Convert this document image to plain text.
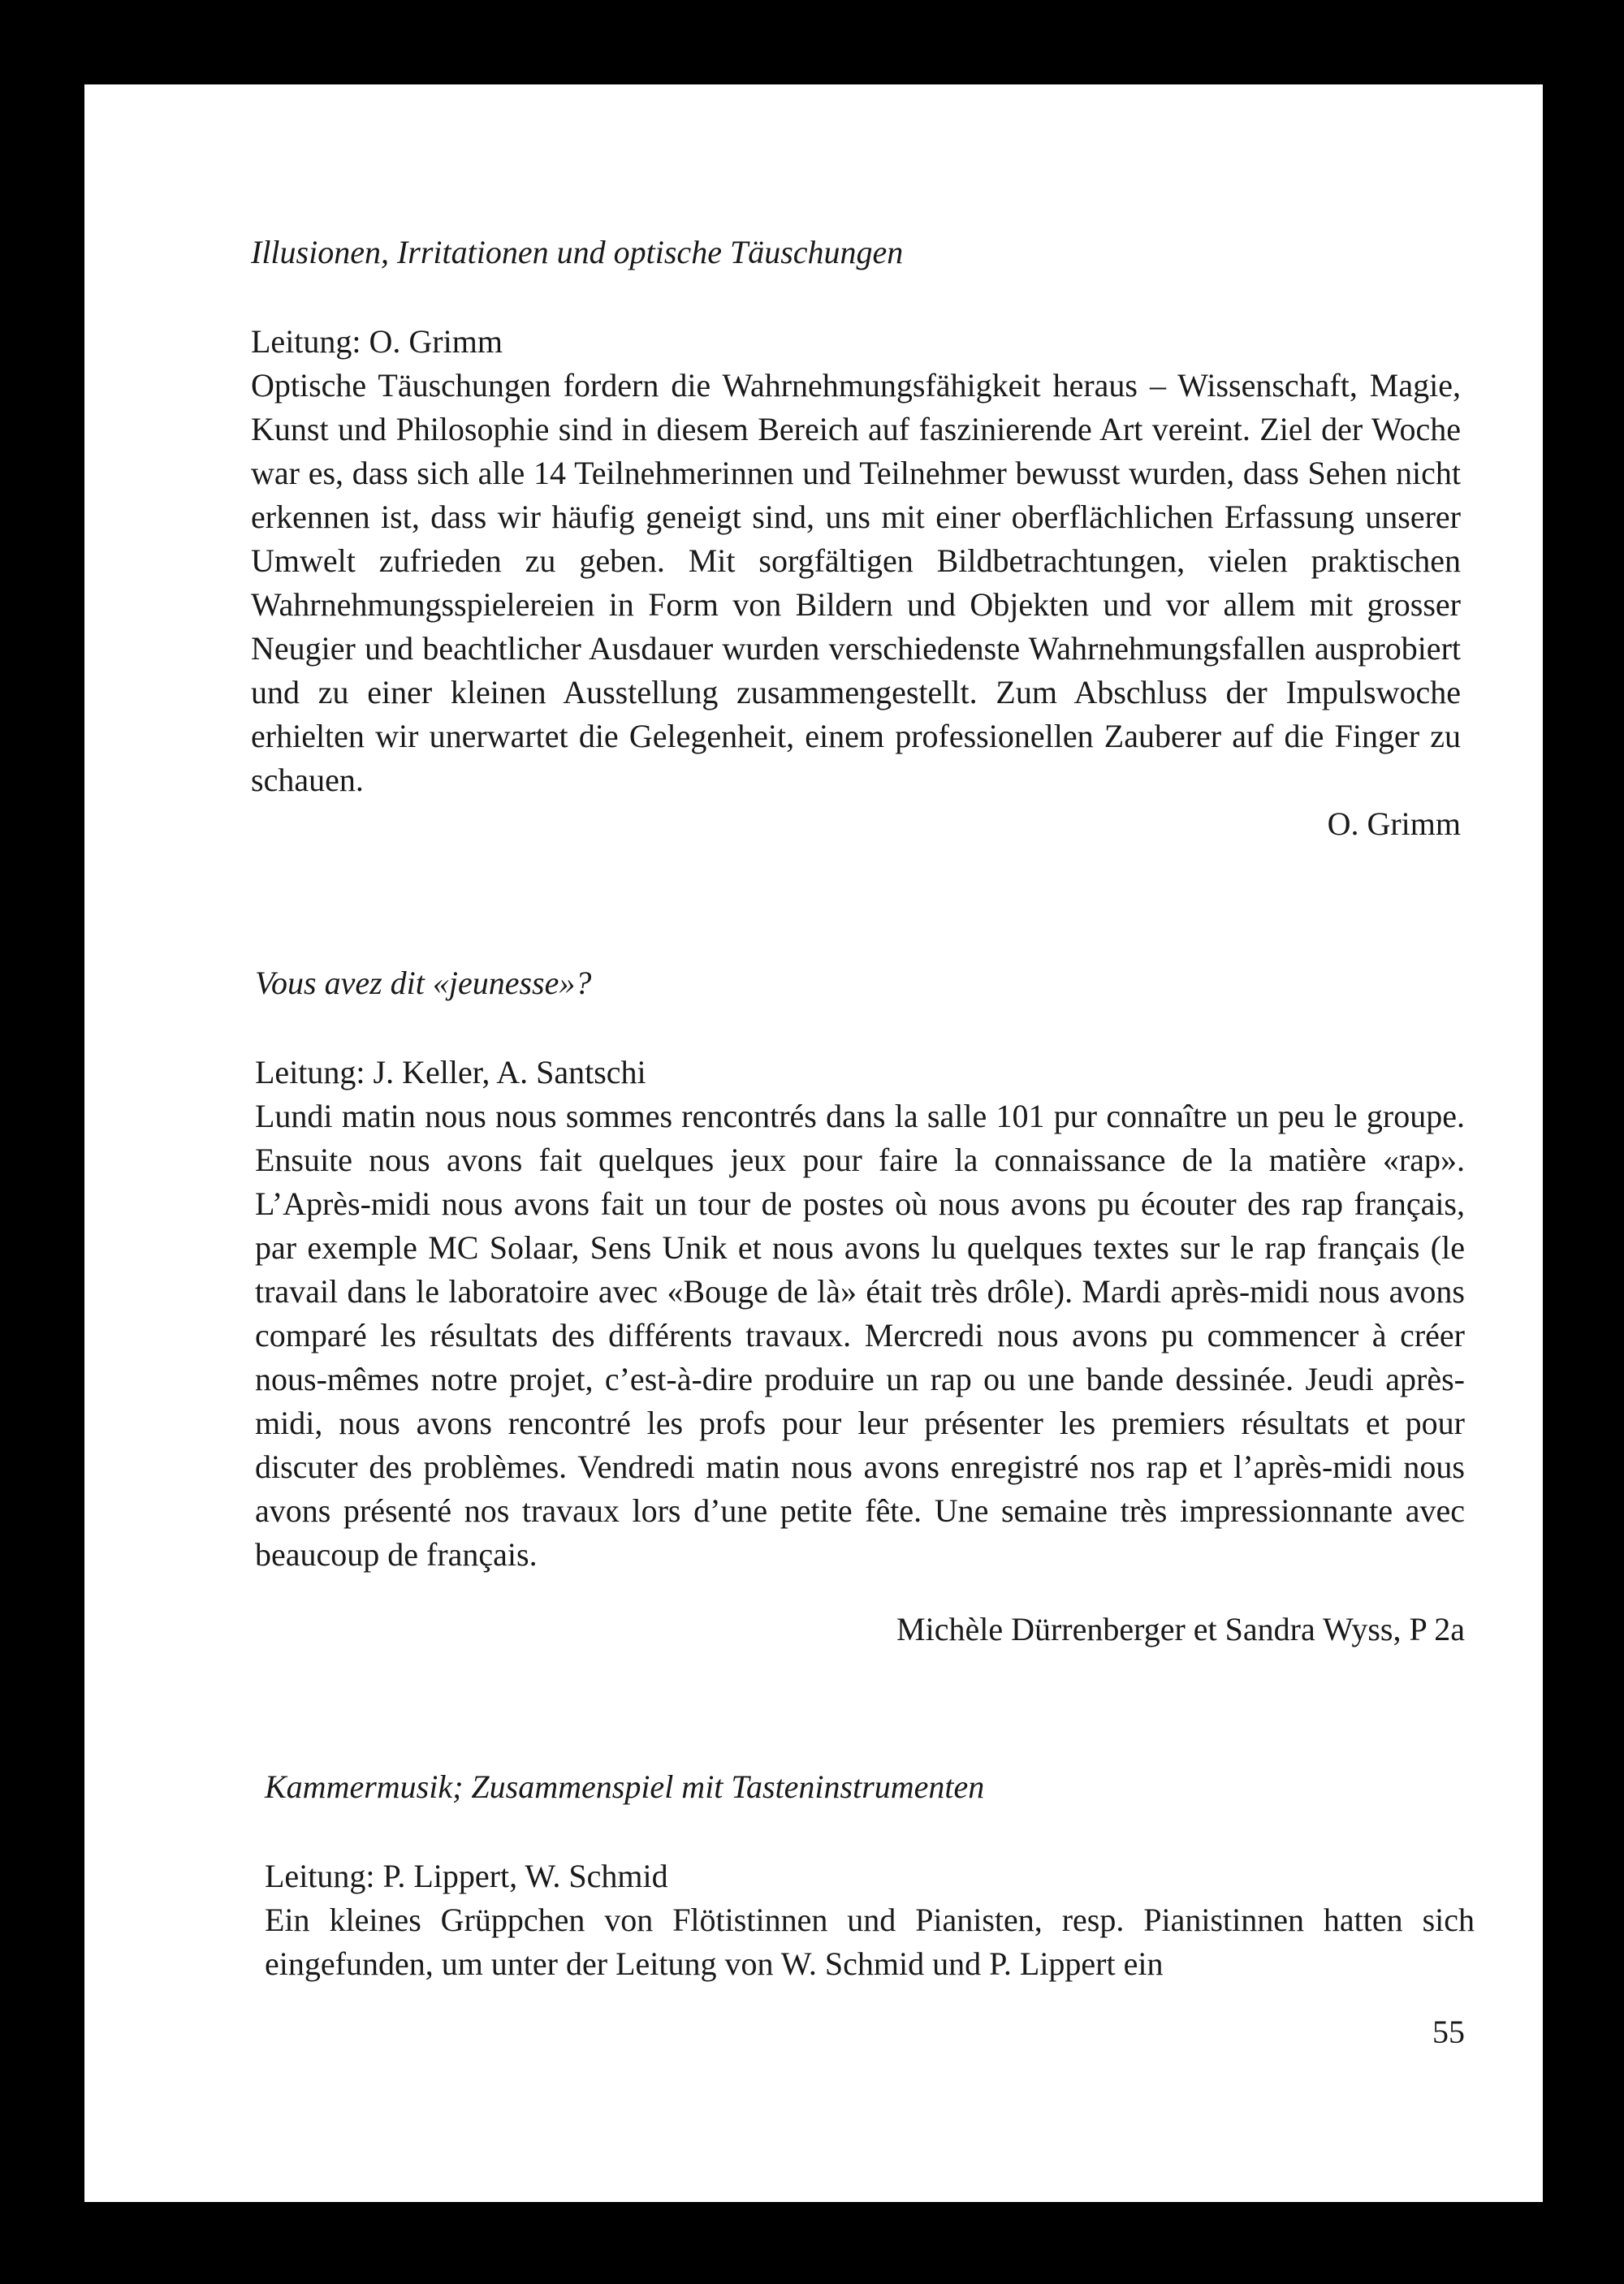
Illusionen, Irritationen und optische Täuschungen

Leitung: O. Grimm

Optische Täuschungen fordern die Wahrnehmungsfähigkeit heraus – Wissenschaft, Magie, Kunst und Philosophie sind in diesem Bereich auf faszinierende Art vereint. Ziel der Woche war es, dass sich alle 14 Teilnehmerinnen und Teilnehmer bewusst wurden, dass Sehen nicht erkennen ist, dass wir häufig geneigt sind, uns mit einer oberflächlichen Erfassung unserer Umwelt zufrieden zu geben. Mit sorgfältigen Bildbetrachtungen, vielen praktischen Wahrnehmungsspielereien in Form von Bildern und Objekten und vor allem mit grosser Neugier und beachtlicher Ausdauer wurden verschiedenste Wahrnehmungsfallen ausprobiert und zu einer kleinen Ausstellung zusammengestellt. Zum Abschluss der Impulswoche erhielten wir unerwartet die Gelegenheit, einem professionellen Zauberer auf die Finger zu schauen.

O. Grimm

Vous avez dit «jeunesse»?

Leitung: J. Keller, A. Santschi

Lundi matin nous nous sommes rencontrés dans la salle 101 pur connaître un peu le groupe. Ensuite nous avons fait quelques jeux pour faire la connaissance de la matière «rap». L’Après-midi nous avons fait un tour de postes où nous avons pu écouter des rap français, par exemple MC Solaar, Sens Unik et nous avons lu quelques textes sur le rap français (le travail dans le laboratoire avec «Bouge de là» était très drôle). Mardi après-midi nous avons comparé les résultats des différents travaux. Mercredi nous avons pu commencer à créer nous-mêmes notre projet, c’est-à-dire produire un rap ou une bande dessinée. Jeudi après-midi, nous avons rencontré les profs pour leur présenter les premiers résultats et pour discuter des problèmes. Vendredi matin nous avons enregistré nos rap et l’après-midi nous avons présenté nos travaux lors d’une petite fête. Une semaine très impressionnante avec beaucoup de français.

Michèle Dürrenberger et Sandra Wyss, P 2a

Kammermusik; Zusammenspiel mit Tasteninstrumenten

Leitung: P. Lippert, W. Schmid

Ein kleines Grüppchen von Flötistinnen und Pianisten, resp. Pianistinnen hatten sich eingefunden, um unter der Leitung von W. Schmid und P. Lippert ein

55
